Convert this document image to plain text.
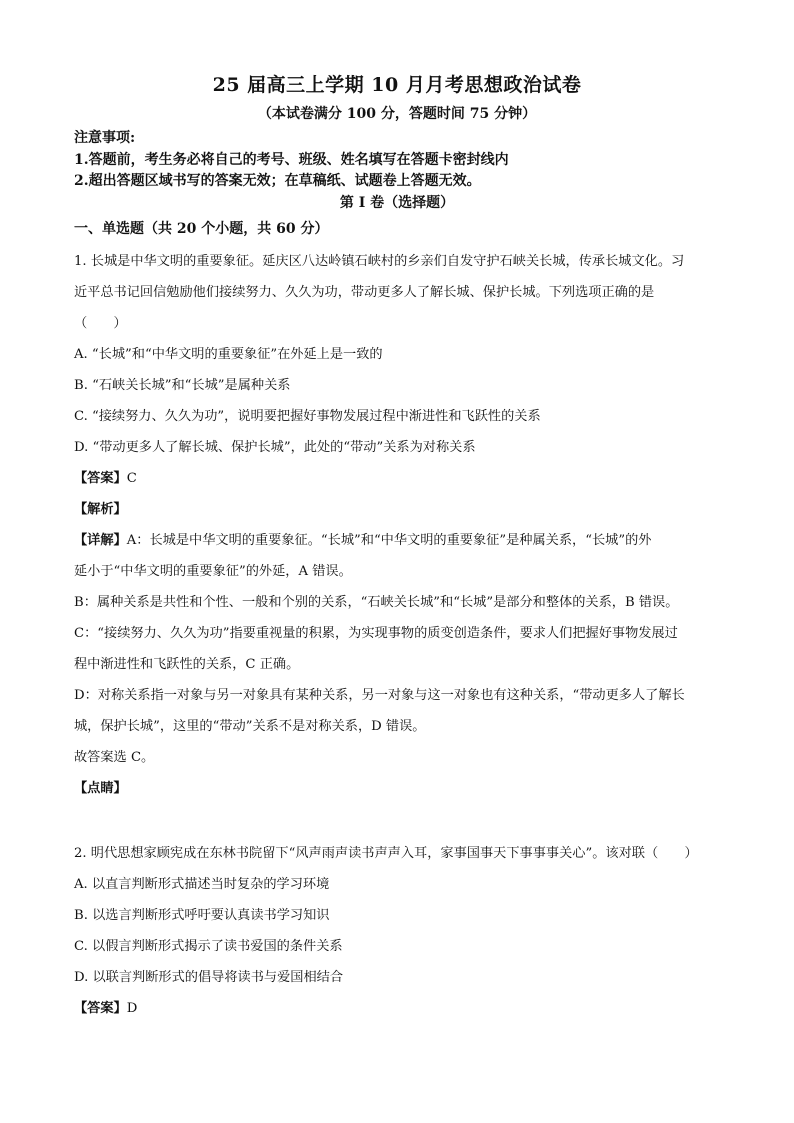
25 届高三上学期 10 月月考思想政治试卷
（本试卷满分 100 分，答题时间 75 分钟）
注意事项:
1.答题前，考生务必将自己的考号、班级、姓名填写在答题卡密封线内
2.超出答题区域书写的答案无效；在草稿纸、试题卷上答题无效。
第 I 卷（选择题）
一、单选题（共 20 个小题，共 60 分）
1. 长城是中华文明的重要象征。延庆区八达岭镇石峡村的乡亲们自发守护石峡关长城，传承长城文化。习
近平总书记回信勉励他们接续努力、久久为功，带动更多人了解长城、保护长城。下列选项正确的是
（　　）
A. “长城”和“中华文明的重要象征”在外延上是一致的
B. “石峡关长城”和“长城”是属种关系
C. “接续努力、久久为功”，说明要把握好事物发展过程中渐进性和飞跃性的关系
D. “带动更多人了解长城、保护长城”，此处的“带动”关系为对称关系
【答案】C
【解析】
【详解】A：长城是中华文明的重要象征。“长城”和“中华文明的重要象征”是种属关系，“长城”的外
延小于“中华文明的重要象征”的外延，A 错误。
B：属种关系是共性和个性、一般和个别的关系，“石峡关长城”和“长城”是部分和整体的关系，B 错误。
C：“接续努力、久久为功”指要重视量的积累，为实现事物的质变创造条件，要求人们把握好事物发展过
程中渐进性和飞跃性的关系，C 正确。
D：对称关系指一对象与另一对象具有某种关系，另一对象与这一对象也有这种关系，“带动更多人了解长
城，保护长城”，这里的“带动”关系不是对称关系，D 错误。
故答案选 C。
【点睛】
2. 明代思想家顾宪成在东林书院留下“风声雨声读书声声入耳，家事国事天下事事事关心”。该对联（　　）
A. 以直言判断形式描述当时复杂的学习环境
B. 以选言判断形式呼吁要认真读书学习知识
C. 以假言判断形式揭示了读书爱国的条件关系
D. 以联言判断形式的倡导将读书与爱国相结合
【答案】D
